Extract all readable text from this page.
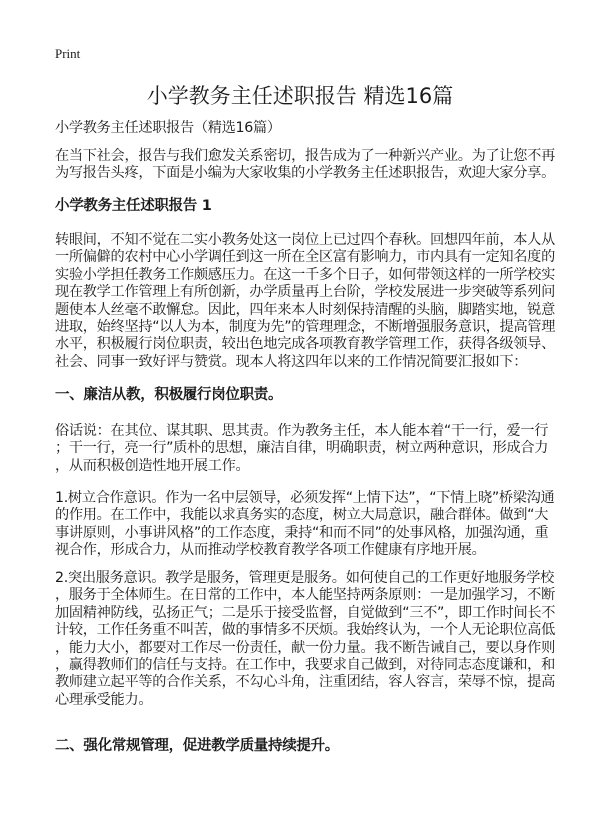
Print
小学教务主任述职报告 精选16篇
小学教务主任述职报告（精选16篇）
在当下社会，报告与我们愈发关系密切，报告成为了一种新兴产业。为了让您不再
为写报告头疼，下面是小编为大家收集的小学教务主任述职报告，欢迎大家分享。
小学教务主任述职报告 1
转眼间，不知不觉在二实小教务处这一岗位上已过四个春秋。回想四年前，本人从
一所偏僻的农村中心小学调任到这一所在全区富有影响力，市内具有一定知名度的
实验小学担任教务工作颇感压力。在这一千多个日子，如何带领这样的一所学校实
现在教学工作管理上有所创新，办学质量再上台阶，学校发展进一步突破等系列问
题使本人丝毫不敢懈怠。因此，四年来本人时刻保持清醒的头脑，脚踏实地，锐意
进取，始终坚持“以人为本，制度为先”的管理理念，不断增强服务意识，提高管理
水平，积极履行岗位职责，较出色地完成各项教育教学管理工作，获得各级领导、
社会、同事一致好评与赞赏。现本人将这四年以来的工作情况简要汇报如下：
一、廉洁从教，积极履行岗位职责。
俗话说：在其位、谋其职、思其责。作为教务主任，本人能本着“干一行，爱一行
；干一行，亮一行”质朴的思想，廉洁自律，明确职责，树立两种意识，形成合力
，从而积极创造性地开展工作。
1.树立合作意识。作为一名中层领导，必须发挥“上情下达”，“下情上晓”桥梁沟通
的作用。在工作中，我能以求真务实的态度，树立大局意识，融合群体。做到“大
事讲原则，小事讲风格”的工作态度，秉持“和而不同”的处事风格，加强沟通，重
视合作，形成合力，从而推动学校教育教学各项工作健康有序地开展。
2.突出服务意识。教学是服务，管理更是服务。如何使自己的工作更好地服务学校
，服务于全体师生。在日常的工作中，本人能坚持两条原则：一是加强学习，不断
加固精神防线，弘扬正气；二是乐于接受监督，自觉做到“三不”，即工作时间长不
计较，工作任务重不叫苦，做的事情多不厌烦。我始终认为，一个人无论职位高低
，能力大小，都要对工作尽一份责任，献一份力量。我不断告诫自己，要以身作则
，赢得教师们的信任与支持。在工作中，我要求自己做到，对待同志态度谦和，和
教师建立起平等的合作关系，不勾心斗角，注重团结，容人容言，荣辱不惊，提高
心理承受能力。
二、强化常规管理，促进教学质量持续提升。
